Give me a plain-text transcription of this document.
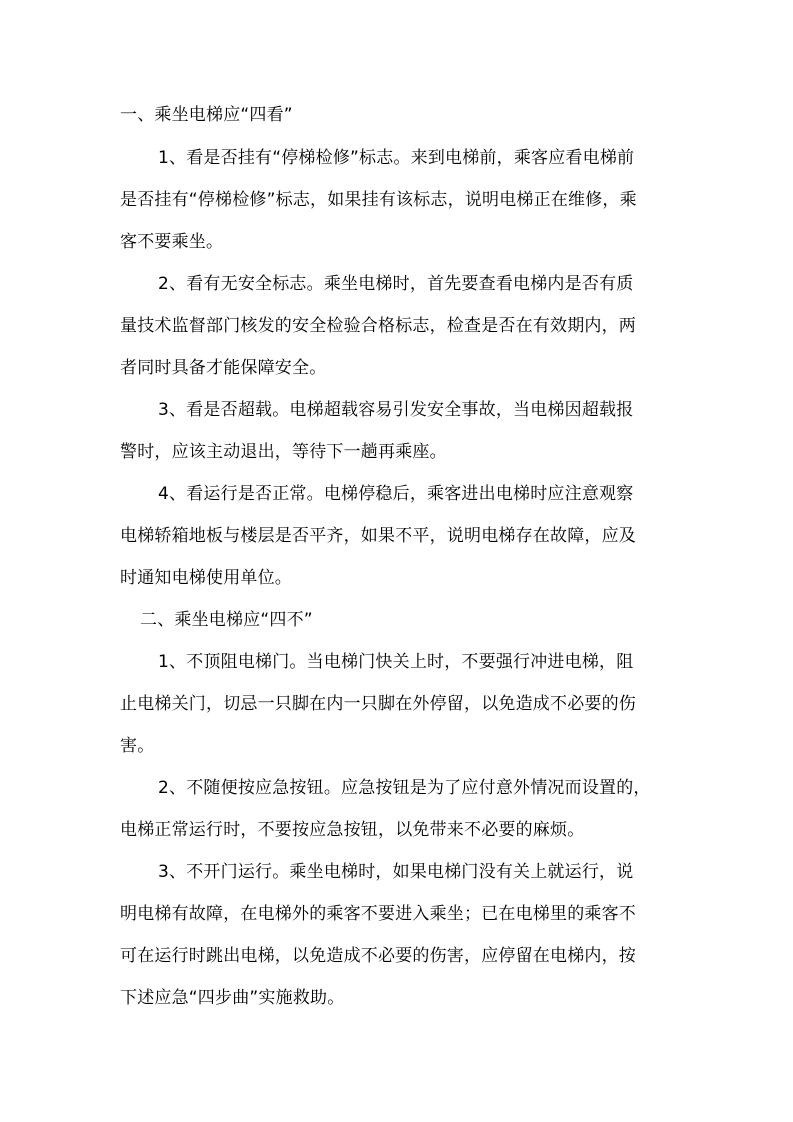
一、乘坐电梯应“四看”
1、看是否挂有“停梯检修”标志。来到电梯前，乘客应看电梯前
是否挂有“停梯检修”标志，如果挂有该标志，说明电梯正在维修，乘
客不要乘坐。
2、看有无安全标志。乘坐电梯时，首先要查看电梯内是否有质
量技术监督部门核发的安全检验合格标志，检查是否在有效期内，两
者同时具备才能保障安全。
3、看是否超载。电梯超载容易引发安全事故，当电梯因超载报
警时，应该主动退出，等待下一趟再乘座。
4、看运行是否正常。电梯停稳后，乘客进出电梯时应注意观察
电梯轿箱地板与楼层是否平齐，如果不平，说明电梯存在故障，应及
时通知电梯使用单位。
二、乘坐电梯应“四不”
1、不顶阻电梯门。当电梯门快关上时，不要强行冲进电梯，阻
止电梯关门，切忌一只脚在内一只脚在外停留，以免造成不必要的伤
害。
2、不随便按应急按钮。应急按钮是为了应付意外情况而设置的，
电梯正常运行时，不要按应急按钮，以免带来不必要的麻烦。
3、不开门运行。乘坐电梯时，如果电梯门没有关上就运行，说
明电梯有故障，在电梯外的乘客不要进入乘坐；已在电梯里的乘客不
可在运行时跳出电梯，以免造成不必要的伤害，应停留在电梯内，按
下述应急“四步曲”实施救助。
